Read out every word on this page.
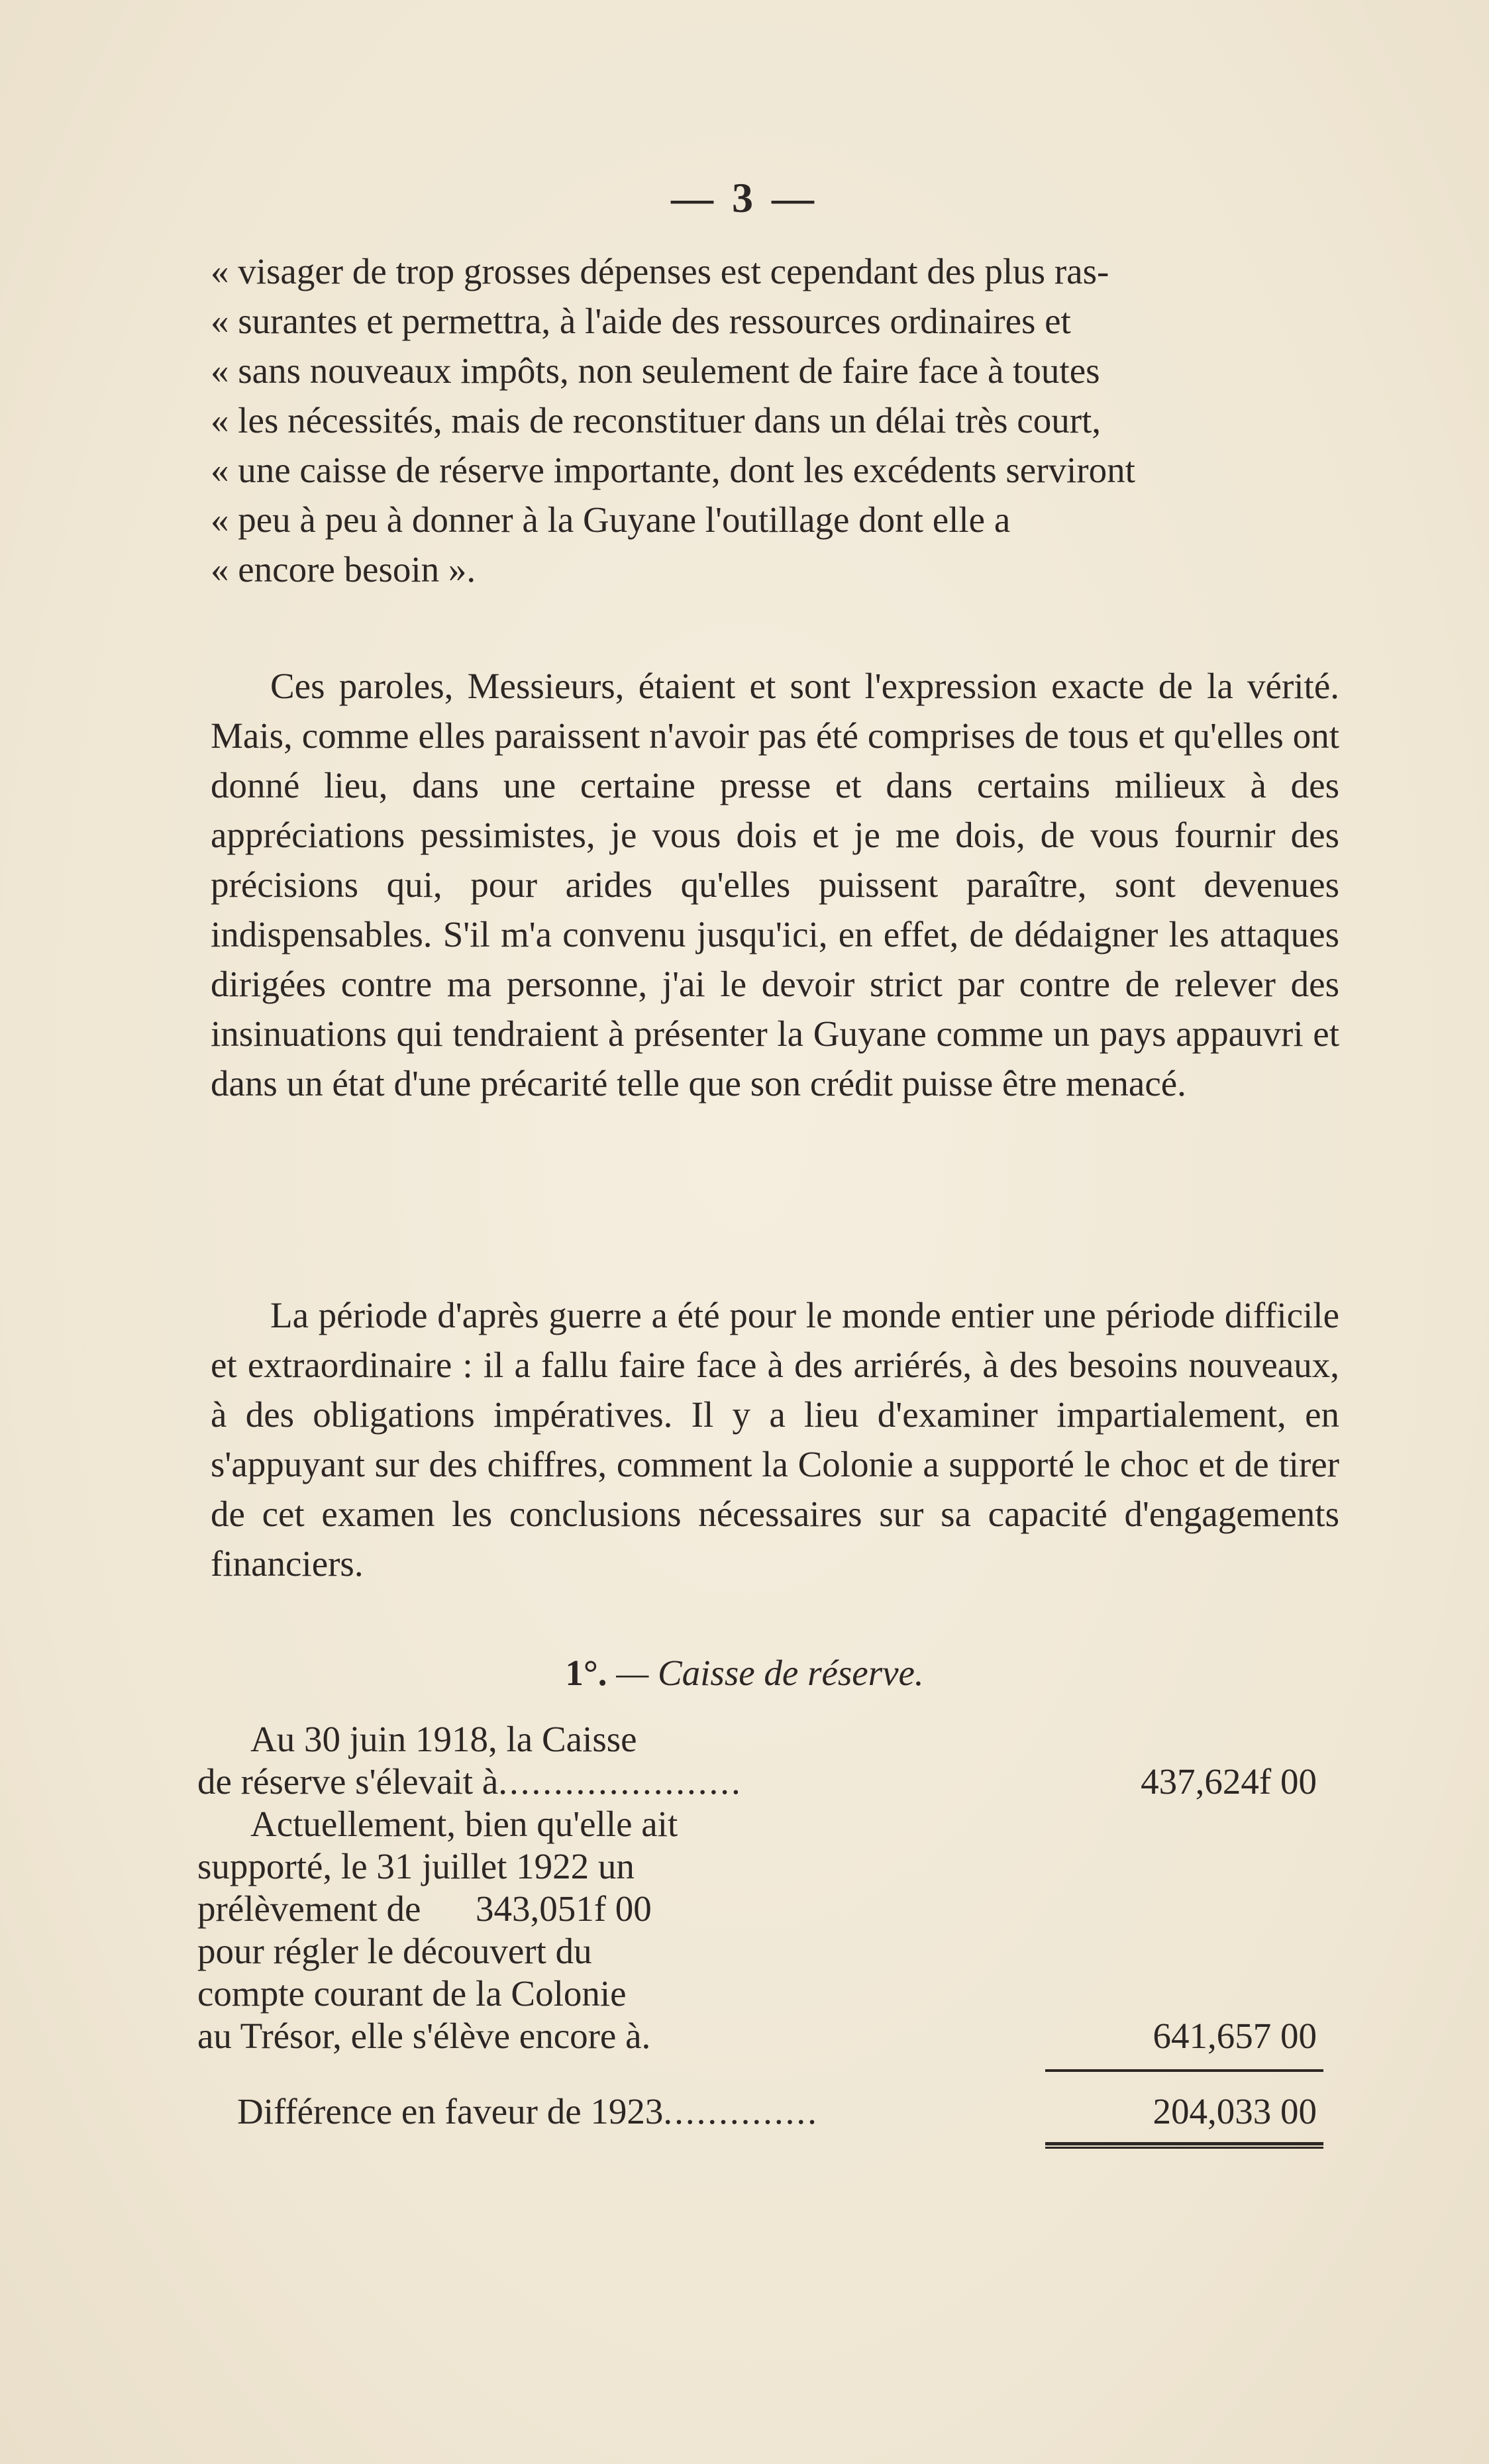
— 3 —
« visager de trop grosses dépenses est cependant des plus ras-
« surantes et permettra, à l'aide des ressources ordinaires et
« sans nouveaux impôts, non seulement de faire face à toutes
« les nécessités, mais de reconstituer dans un délai très court,
« une caisse de réserve importante, dont les excédents serviront
« peu à peu à donner à la Guyane l'outillage dont elle a
« encore besoin ».

Ces paroles, Messieurs, étaient et sont l'expression exacte de la vérité. Mais, comme elles paraissent n'avoir pas été comprises de tous et qu'elles ont donné lieu, dans une certaine presse et dans certains milieux à des appréciations pessimistes, je vous dois et je me dois, de vous fournir des précisions qui, pour arides qu'elles puissent paraître, sont devenues indispensables. S'il m'a convenu jusqu'ici, en effet, de dédaigner les attaques dirigées contre ma personne, j'ai le devoir strict par contre de relever des insinuations qui tendraient à présenter la Guyane comme un pays appauvri et dans un état d'une précarité telle que son crédit puisse être menacé.

La période d'après guerre a été pour le monde entier une période difficile et extraordinaire : il a fallu faire face à des arriérés, à des besoins nouveaux, à des obligations impératives. Il y a lieu d'examiner impartialement, en s'appuyant sur des chiffres, comment la Colonie a supporté le choc et de tirer de cet examen les conclusions nécessaires sur sa capacité d'engagements financiers.

1°. — Caisse de réserve.
Au 30 juin 1918, la Caisse
de réserve s'élevait à......................	437,624f 00
Actuellement, bien qu'elle ait
supporté, le 31 juillet 1922 un
prélèvement de      343,051f 00
pour régler le découvert du
compte courant de la Colonie
au Trésor, elle s'élève encore à.	641,657 00
Différence en faveur de 1923..............	204,033 00
